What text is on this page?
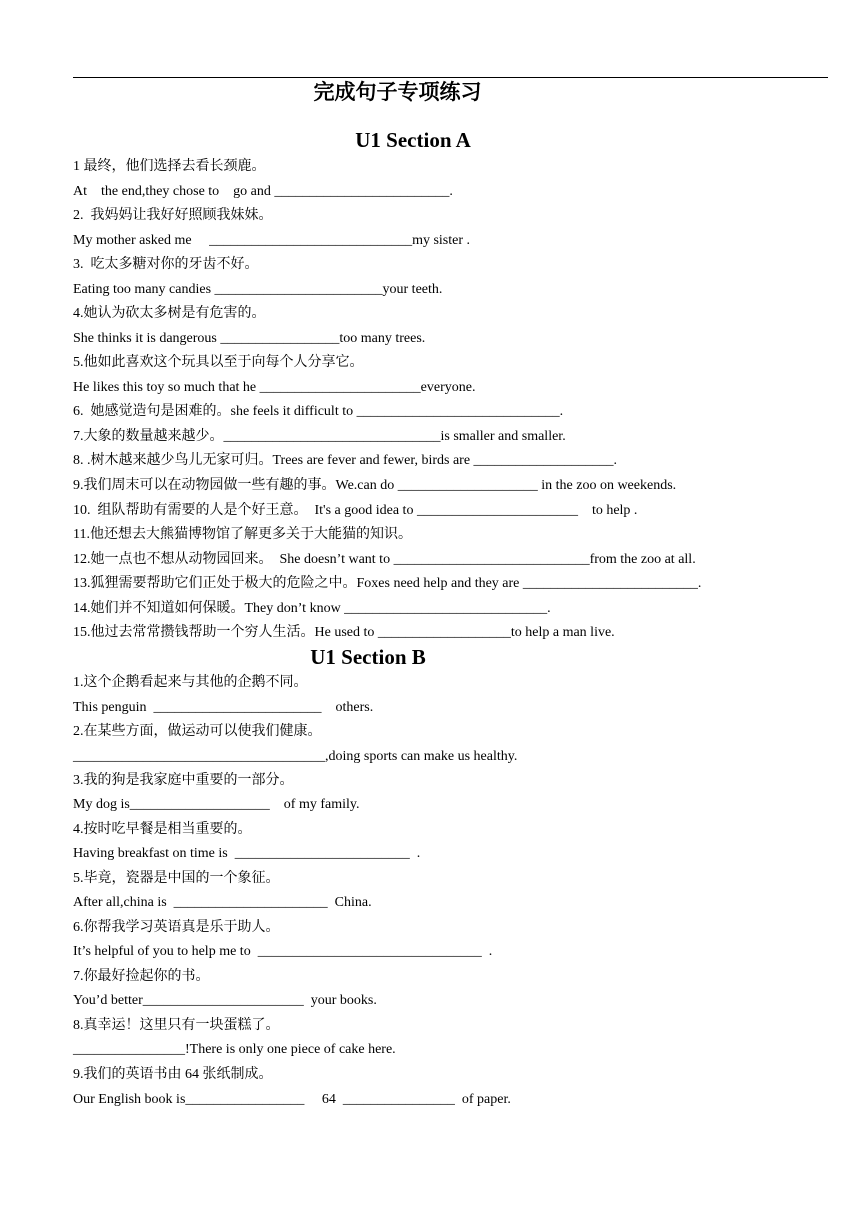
完成句子专项练习
U1 Section A
U1 Section B
1 最终，他们选择去看长颈鹿。
At    the end,they chose to    go and _________________________.
2.  我妈妈让我好好照顾我妹妹。
My mother asked me     _____________________________my sister .
3.  吃太多糖对你的牙齿不好。
Eating too many candies ________________________your teeth.
4.她认为砍太多树是有危害的。
She thinks it is dangerous _________________too many trees.
5.他如此喜欢这个玩具以至于向每个人分享它。
He likes this toy so much that he _______________________everyone.
6.  她感觉造句是困难的。she feels it difficult to _____________________________.
7.大象的数量越来越少。_______________________________is smaller and smaller.
8. .树木越来越少鸟儿无家可归。Trees are fever and fewer, birds are ____________________.
9.我们周末可以在动物园做一些有趣的事。We.can do ____________________ in the zoo on weekends.
10.  组队帮助有需要的人是个好王意。  It's a good idea to _______________________    to help .
11.他还想去大熊猫博物馆了解更多关于大能猫的知识。
12.她一点也不想从动物园回来。  She doesn’t want to ____________________________from the zoo at all.
13.狐狸需要帮助它们正处于极大的危险之中。Foxes need help and they are _________________________.
14.她们并不知道如何保暖。They don’t know _____________________________.
15.他过去常常攒钱帮助一个穷人生活。He used to ___________________to help a man live.
1.这个企鹅看起来与其他的企鹅不同。
This penguin  ________________________    others.
2.在某些方面，做运动可以使我们健康。
____________________________________,doing sports can make us healthy.
3.我的狗是我家庭中重要的一部分。
My dog is____________________    of my family.
4.按时吃早餐是相当重要的。
Having breakfast on time is  _________________________  .
5.毕竟，瓷器是中国的一个象征。
After all,china is  ______________________  China.
6.你帮我学习英语真是乐于助人。
It’s helpful of you to help me to  ________________________________  .
7.你最好捡起你的书。
You’d better_______________________  your books.
8.真幸运！这里只有一块蛋糕了。
________________!There is only one piece of cake here.
9.我们的英语书由 64 张纸制成。
Our English book is_________________     64  ________________  of paper.
